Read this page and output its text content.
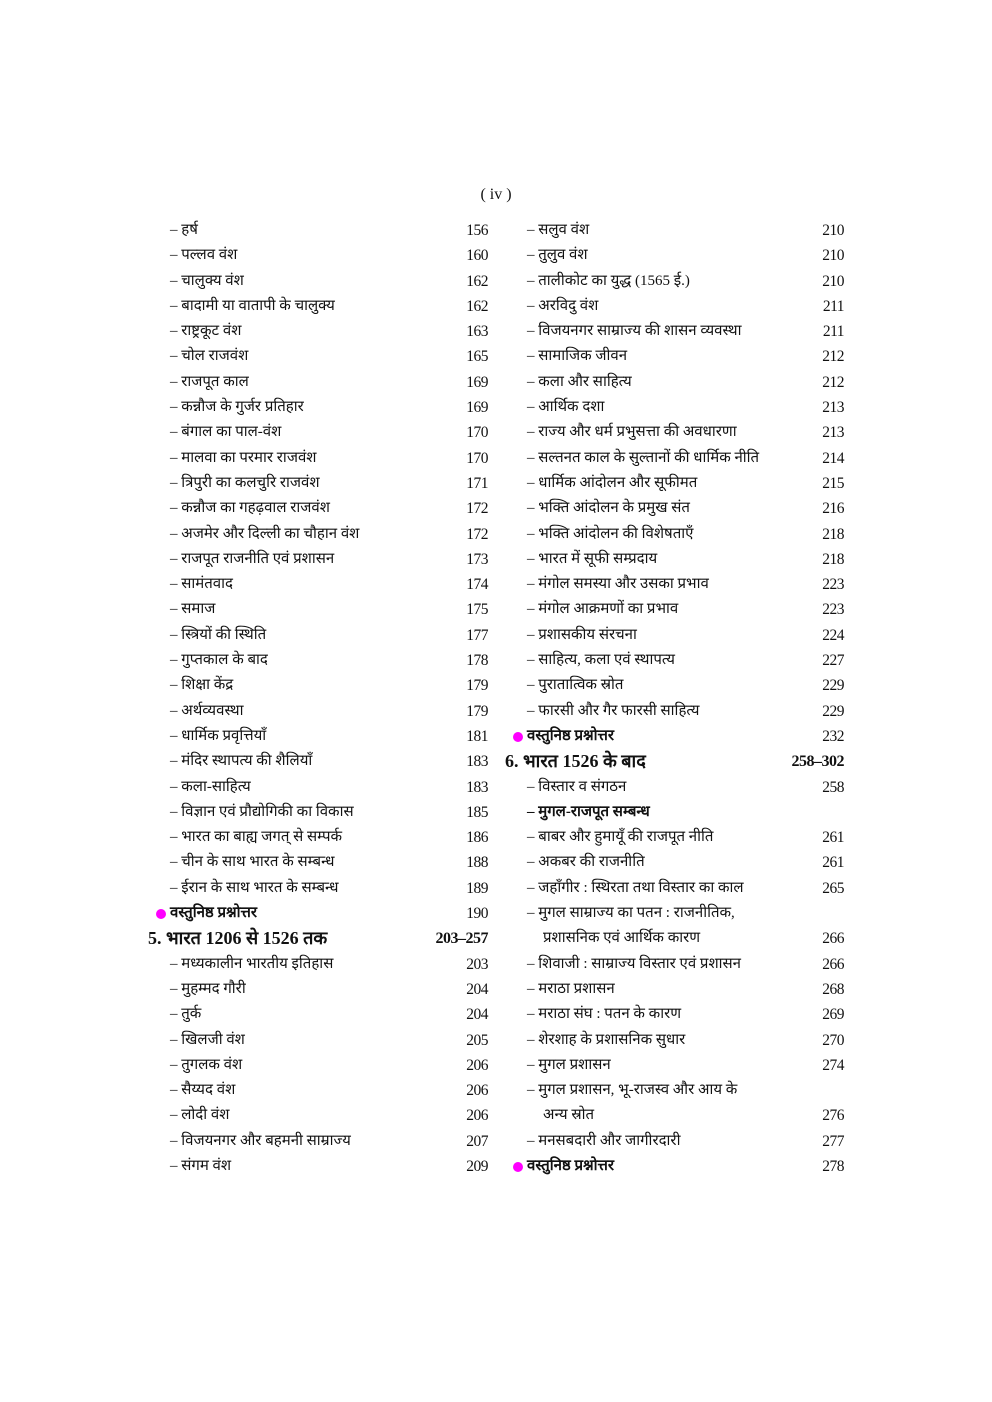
( iv )
– हर्ष	156
– पल्लव वंश	160
– चालुक्य वंश	162
– बादामी या वातापी के चालुक्य	162
– राष्ट्रकूट वंश	163
– चोल राजवंश	165
– राजपूत काल	169
– कन्नौज के गुर्जर प्रतिहार	169
– बंगाल का पाल-वंश	170
– मालवा का परमार राजवंश	170
– त्रिपुरी का कलचुरि राजवंश	171
– कन्नौज का गहढ़वाल राजवंश	172
– अजमेर और दिल्ली का चौहान वंश	172
– राजपूत राजनीति एवं प्रशासन	173
– सामंतवाद	174
– समाज	175
– स्त्रियों की स्थिति	177
– गुप्तकाल के बाद	178
– शिक्षा केंद्र	179
– अर्थव्यवस्था	179
– धार्मिक प्रवृत्तियाँ	181
– मंदिर स्थापत्य की शैलियाँ	183
– कला-साहित्य	183
– विज्ञान एवं प्रौद्योगिकी का विकास	185
– भारत का बाह्य जगत् से सम्पर्क	186
– चीन के साथ भारत के सम्बन्ध	188
– ईरान के साथ भारत के सम्बन्ध	189
वस्तुनिष्ठ प्रश्नोत्तर	190
5. भारत 1206 से 1526 तक	203–257
– मध्यकालीन भारतीय इतिहास	203
– मुहम्मद गौरी	204
– तुर्क	204
– खिलजी वंश	205
– तुगलक वंश	206
– सैय्यद वंश	206
– लोदी वंश	206
– विजयनगर और बहमनी साम्राज्य	207
– संगम वंश	209
– सलुव वंश	210
– तुलुव वंश	210
– तालीकोट का युद्ध (1565 ई.)	210
– अरविदु वंश	211
– विजयनगर साम्राज्य की शासन व्यवस्था	211
– सामाजिक जीवन	212
– कला और साहित्य	212
– आर्थिक दशा	213
– राज्य और धर्म प्रभुसत्ता की अवधारणा	213
– सल्तनत काल के सुल्तानों की धार्मिक नीति	214
– धार्मिक आंदोलन और सूफीमत	215
– भक्ति आंदोलन के प्रमुख संत	216
– भक्ति आंदोलन की विशेषताएँ	218
– भारत में सूफी सम्प्रदाय	218
– मंगोल समस्या और उसका प्रभाव	223
– मंगोल आक्रमणों का प्रभाव	223
– प्रशासकीय संरचना	224
– साहित्य, कला एवं स्थापत्य	227
– पुरातात्विक स्रोत	229
– फारसी और गैर फारसी साहित्य	229
वस्तुनिष्ठ प्रश्नोत्तर	232
6. भारत 1526 के बाद	258–302
– विस्तार व संगठन	258
– मुगल-राजपूत सम्बन्ध
– बाबर और हुमायूँ की राजपूत नीति	261
– अकबर की राजनीति	261
– जहाँगीर : स्थिरता तथा विस्तार का काल	265
– मुगल साम्राज्य का पतन : राजनीतिक,
प्रशासनिक एवं आर्थिक कारण	266
– शिवाजी : साम्राज्य विस्तार एवं प्रशासन	266
– मराठा प्रशासन	268
– मराठा संघ : पतन के कारण	269
– शेरशाह के प्रशासनिक सुधार	270
– मुगल प्रशासन	274
– मुगल प्रशासन, भू-राजस्व और आय के
अन्य स्रोत	276
– मनसबदारी और जागीरदारी	277
वस्तुनिष्ठ प्रश्नोत्तर	278
